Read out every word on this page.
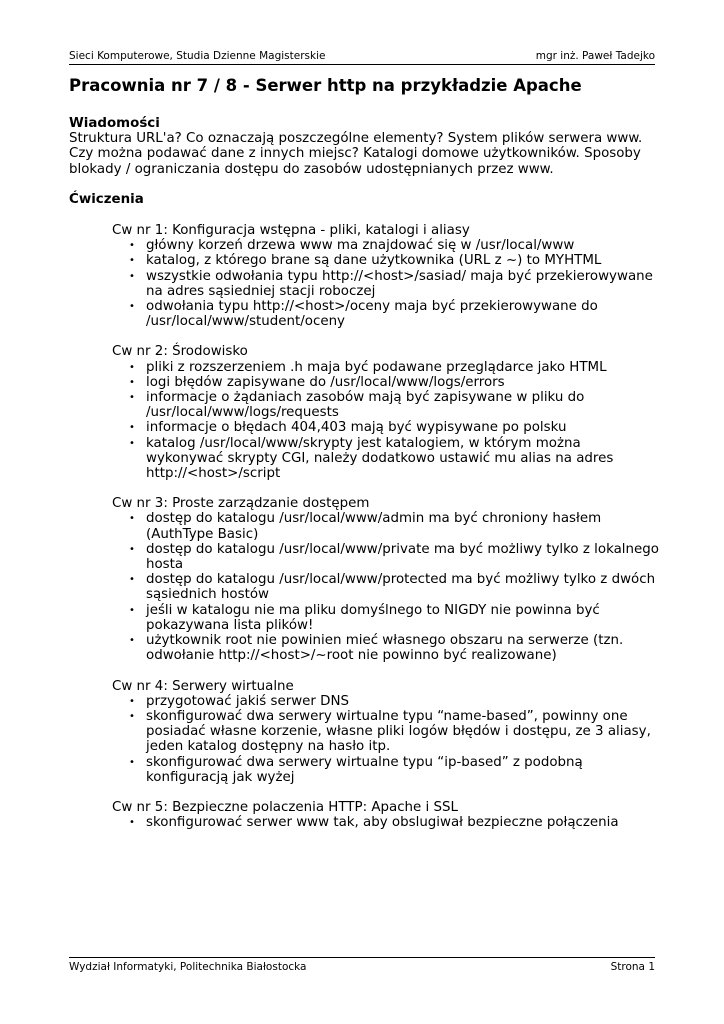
Sieci Komputerowe, Studia Dzienne Magisterskie	mgr inż. Paweł Tadejko
Pracownia nr 7 / 8 - Serwer http na przykładzie Apache
Wiadomości

Struktura URL'a? Co oznaczają poszczególne elementy? System plików serwera www. Czy można podawać dane z innych miejsc? Katalogi domowe użytkowników. Sposoby blokady / ograniczania dostępu do zasobów udostępnianych przez www.

Ćwiczenia

Cw nr 1: Konfiguracja wstępna - pliki, katalogi i aliasy

• główny korzeń drzewa www ma znajdować się w /usr/local/www
• katalog, z którego brane są dane użytkownika (URL z ~) to MYHTML
• wszystkie odwołania typu http://<host>/sasiad/ maja być przekierowywane na adres sąsiedniej stacji roboczej
• odwołania typu http://<host>/oceny maja być przekierowywane do /usr/local/www/student/oceny

Cw nr 2: Środowisko

• pliki z rozszerzeniem .h maja być podawane przeglądarce jako HTML
• logi błędów zapisywane do /usr/local/www/logs/errors
• informacje o żądaniach zasobów mają być zapisywane w pliku do /usr/local/www/logs/requests
• informacje o błędach 404,403 mają być wypisywane po polsku
• katalog /usr/local/www/skrypty jest katalogiem, w którym można wykonywać skrypty CGI, należy dodatkowo ustawić mu alias na adres http://<host>/script

Cw nr 3: Proste zarządzanie dostępem

• dostęp do katalogu /usr/local/www/admin ma być chroniony hasłem (AuthType Basic)
• dostęp do katalogu /usr/local/www/private ma być możliwy tylko z lokalnego hosta
• dostęp do katalogu /usr/local/www/protected ma być możliwy tylko z dwóch sąsiednich hostów
• jeśli w katalogu nie ma pliku domyślnego to NIGDY nie powinna być pokazywana lista plików!
• użytkownik root nie powinien mieć własnego obszaru na serwerze (tzn. odwołanie http://<host>/~root nie powinno być realizowane)

Cw nr 4: Serwery wirtualne

• przygotować jakiś serwer DNS
• skonfigurować dwa serwery wirtualne typu “name-based”, powinny one posiadać własne korzenie, własne pliki logów błędów i dostępu, ze 3 aliasy, jeden katalog dostępny na hasło itp.
• skonfigurować dwa serwery wirtualne typu “ip-based” z podobną konfiguracją jak wyżej

Cw nr 5: Bezpieczne polaczenia HTTP: Apache i SSL

• skonfigurować serwer www tak, aby obslugiwał bezpieczne połączenia
Wydział Informatyki, Politechnika Białostocka	Strona 1
